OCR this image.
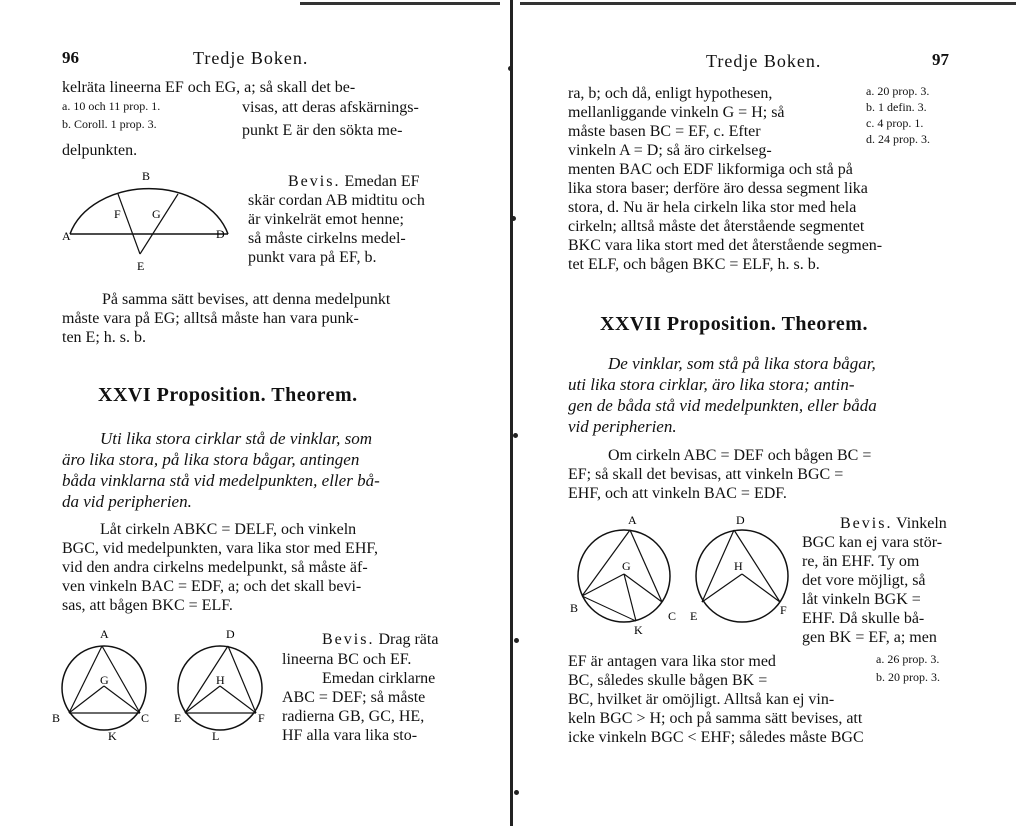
96	Tredje Boken.
kelräta lineerna EF och EG, a; så skall det be-
a. 10 och 11 prop. 1.
b. Coroll. 1 prop. 3.
visas, att deras afskärnings-
punkt E är den sökta me-
delpunkten.
A
B
D
E
F	G
Bevis. Emedan EF
skär cordan AB midtitu och
är vinkelrät emot henne;
så måste cirkelns medel-
punkt vara på EF, b.
På samma sätt bevises, att denna medelpunkt
måste vara på EG; alltså måste han vara punk-
ten E; h. s. b.
XXVI Proposition. Theorem.
Uti lika stora cirklar stå de vinklar, som
äro lika stora, på lika stora bågar, antingen
båda vinklarna stå vid medelpunkten, eller bå-
da vid peripherien.
Låt cirkeln ABKC = DELF, och vinkeln
BGC, vid medelpunkten, vara lika stor med EHF,
vid den andra cirkelns medelpunkt, så måste äf-
ven vinkeln BAC = EDF, a; och det skall bevi-
sas, att bågen BKC = ELF.
A
B	C
G
K
D
E	F
H
L
Bevis. Drag räta
lineerna BC och EF.
Emedan cirklarne
ABC = DEF; så måste
radierna GB, GC, HE,
HF alla vara lika sto-
Tredje Boken.	97
ra, b; och då, enligt hypothesen,
mellanliggande vinkeln G = H; så
måste basen BC = EF, c. Efter
vinkeln A = D; så äro cirkelseg-
a. 20 prop. 3.
b. 1 defin. 3.
c. 4 prop. 1.
d. 24 prop. 3.
menten BAC och EDF likformiga och stå på
lika stora baser; derföre äro dessa segment lika
stora, d. Nu är hela cirkeln lika stor med hela
cirkeln; alltså måste det återstående segmentet
BKC vara lika stort med det återstående segmen-
tet ELF, och bågen BKC = ELF, h. s. b.
XXVII Proposition. Theorem.
De vinklar, som stå på lika stora bågar,
uti lika stora cirklar, äro lika stora; antin-
gen de båda stå vid medelpunkten, eller båda
vid peripherien.
Om cirkeln ABC = DEF och bågen BC =
EF; så skall det bevisas, att vinkeln BGC =
EHF, och att vinkeln BAC = EDF.
A
B
C
G
K
D
E	F
H
Bevis. Vinkeln
BGC kan ej vara stör-
re, än EHF. Ty om
det vore möjligt, så
låt vinkeln BGK =
EHF. Då skulle bå-
gen BK = EF, a; men
EF är antagen vara lika stor med	a. 26 prop. 3.
BC, således skulle bågen BK =	b. 20 prop. 3.
BC, hvilket är omöjligt. Alltså kan ej vin-
keln BGC > H; och på samma sätt bevises, att
icke vinkeln BGC < EHF; således måste BGC
